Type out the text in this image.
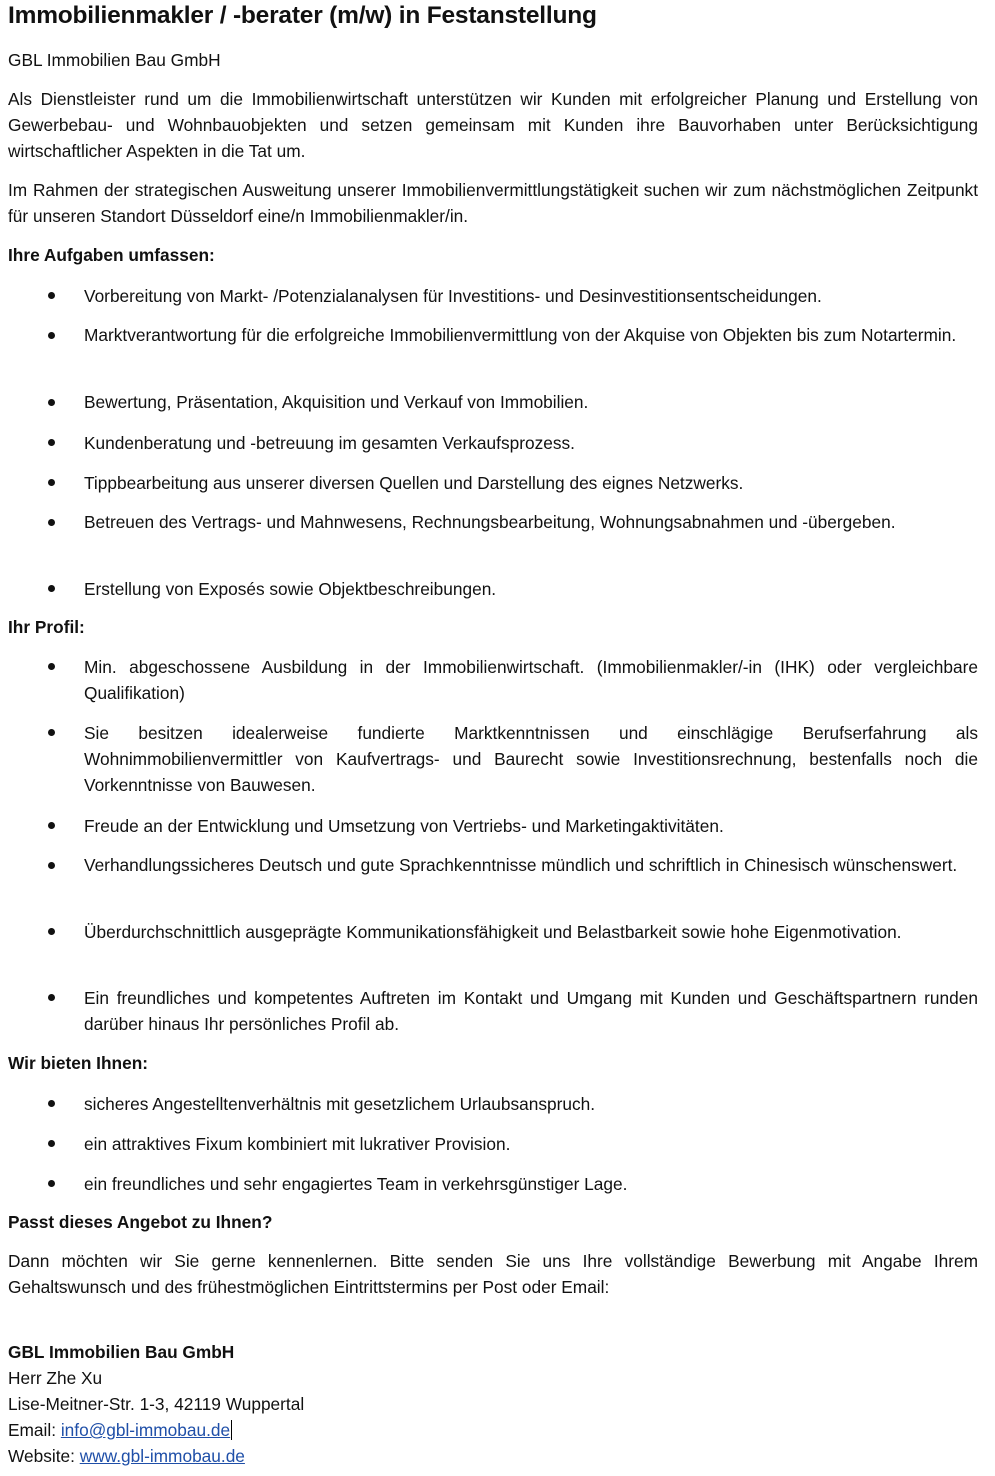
Immobilienmakler / -berater (m/w) in Festanstellung
GBL Immobilien Bau GmbH
Als Dienstleister rund um die Immobilienwirtschaft unterstützen wir Kunden mit erfolgreicher Planung und Erstellung von Gewerbebau- und Wohnbauobjekten und setzen gemeinsam mit Kunden ihre Bauvorhaben unter Berücksichtigung wirtschaftlicher Aspekten in die Tat um.
Im Rahmen der strategischen Ausweitung unserer Immobilienvermittlungstätigkeit suchen wir zum nächstmöglichen Zeitpunkt für unseren Standort Düsseldorf eine/n Immobilienmakler/in.
Ihre Aufgaben umfassen:
Vorbereitung von Markt- /Potenzialanalysen für Investitions- und Desinvestitionsentscheidungen.
Marktverantwortung für die erfolgreiche Immobilienvermittlung von der Akquise von Objekten bis zum Notartermin.
Bewertung, Präsentation, Akquisition und Verkauf von Immobilien.
Kundenberatung und -betreuung im gesamten Verkaufsprozess.
Tippbearbeitung aus unserer diversen Quellen und Darstellung des eignes Netzwerks.
Betreuen des Vertrags- und Mahnwesens, Rechnungsbearbeitung, Wohnungsabnahmen und -übergeben.
Erstellung von Exposés sowie Objektbeschreibungen.
Ihr Profil:
Min. abgeschossene Ausbildung in der Immobilienwirtschaft. (Immobilienmakler/-in (IHK) oder vergleichbare Qualifikation)
Sie besitzen idealerweise fundierte Marktkenntnissen und einschlägige Berufserfahrung als Wohnimmobilienvermittler von Kaufvertrags- und Baurecht sowie Investitionsrechnung, bestenfalls noch die Vorkenntnisse von Bauwesen.
Freude an der Entwicklung und Umsetzung von Vertriebs- und Marketingaktivitäten.
Verhandlungssicheres Deutsch und gute Sprachkenntnisse mündlich und schriftlich in Chinesisch wünschenswert.
Überdurchschnittlich ausgeprägte Kommunikationsfähigkeit und Belastbarkeit sowie hohe Eigenmotivation.
Ein freundliches und kompetentes Auftreten im Kontakt und Umgang mit Kunden und Geschäftspartnern runden darüber hinaus Ihr persönliches Profil ab.
Wir bieten Ihnen:
sicheres Angestelltenverhältnis mit gesetzlichem Urlaubsanspruch.
ein attraktives Fixum kombiniert mit lukrativer Provision.
ein freundliches und sehr engagiertes Team in verkehrsgünstiger Lage.
Passt dieses Angebot zu Ihnen?
Dann möchten wir Sie gerne kennenlernen. Bitte senden Sie uns Ihre vollständige Bewerbung mit Angabe Ihrem Gehaltswunsch und des frühestmöglichen Eintrittstermins per Post oder Email:
GBL Immobilien Bau GmbH
Herr Zhe Xu
Lise-Meitner-Str. 1-3, 42119 Wuppertal
Email: info@gbl-immobau.de
Website: www.gbl-immobau.de
